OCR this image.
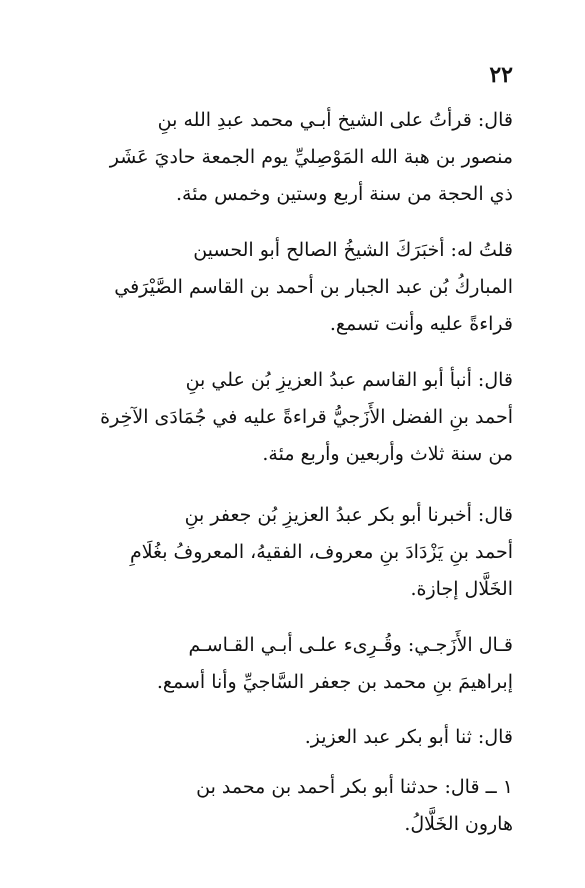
٢٢
قال: قرأتُ على الشيخ أبـي محمد عبدِ الله بنِ
منصور بن هبة الله المَوْصِليِّ يوم الجمعة حاديَ عَشَر
ذي الحجة من سنة أربع وستين وخمس مئة.
قلتُ له: أخبَرَكَ الشيخُ الصالح أبو الحسين
المباركُ بُن عبد الجبار بن أحمد بن القاسم الصَّيْرَفي
قراءةً عليه وأنت تسمع.
قال: أنبأ أبو القاسم عبدُ العزيزِ بُن علي بنِ
أحمد بنِ الفضل الأَزَجيُّ قراءةً عليه في جُمَادَى الآخِرة
من سنة ثلاث وأربعين وأربع مئة.
قال: أخبرنا أبو بكر عبدُ العزيزِ بُن جعفر بنِ
أحمد بنِ يَزْدَادَ بنِ معروف، الفقيهُ، المعروفُ بغُلَامِ
الخَلَّال إجازة.
قـال الأَزَجـي: وقُـرِىء علـى أبـي القـاسـم
إبراهيمَ بنِ محمد بن جعفر السَّاجيِّ وأنا أسمع.
قال: ثنا أبو بكر عبد العزيز.
١ ــ قال: حدثنا أبو بكر أحمد بن محمد بن
هارون الخَلَّالُ.
